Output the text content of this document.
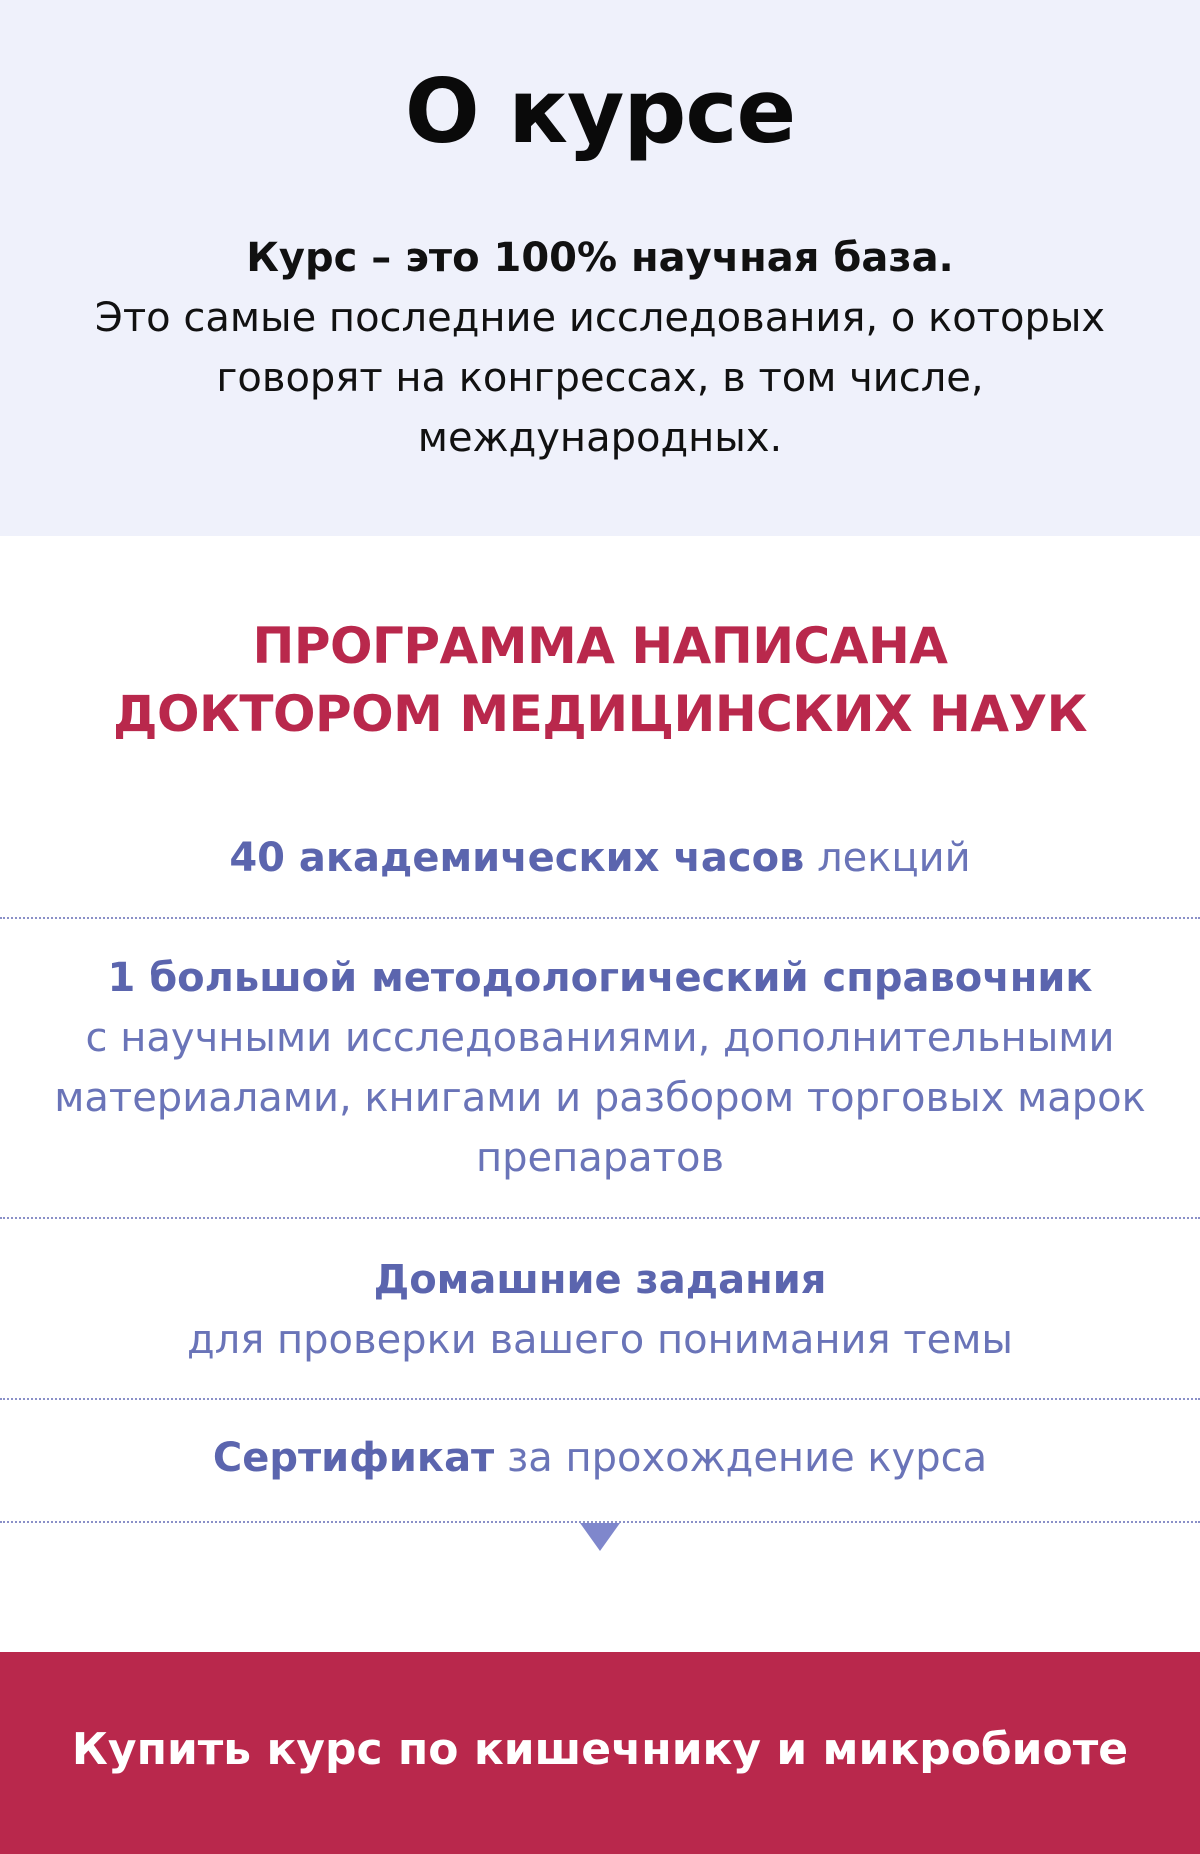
О курсе
Курс – это 100% научная база.
Это самые последние исследования, о которых говорят на конгрессах, в том числе, международных.
ПРОГРАММА НАПИСАНА
ДОКТОРОМ МЕДИЦИНСКИХ НАУК
40 академических часов лекций
1 большой методологический справочник
с научными исследованиями, дополнительными материалами, книгами и разбором торговых марок препаратов
Домашние задания
для проверки вашего понимания темы
Сертификат за прохождение курса
Купить курс по кишечнику и микробиоте
